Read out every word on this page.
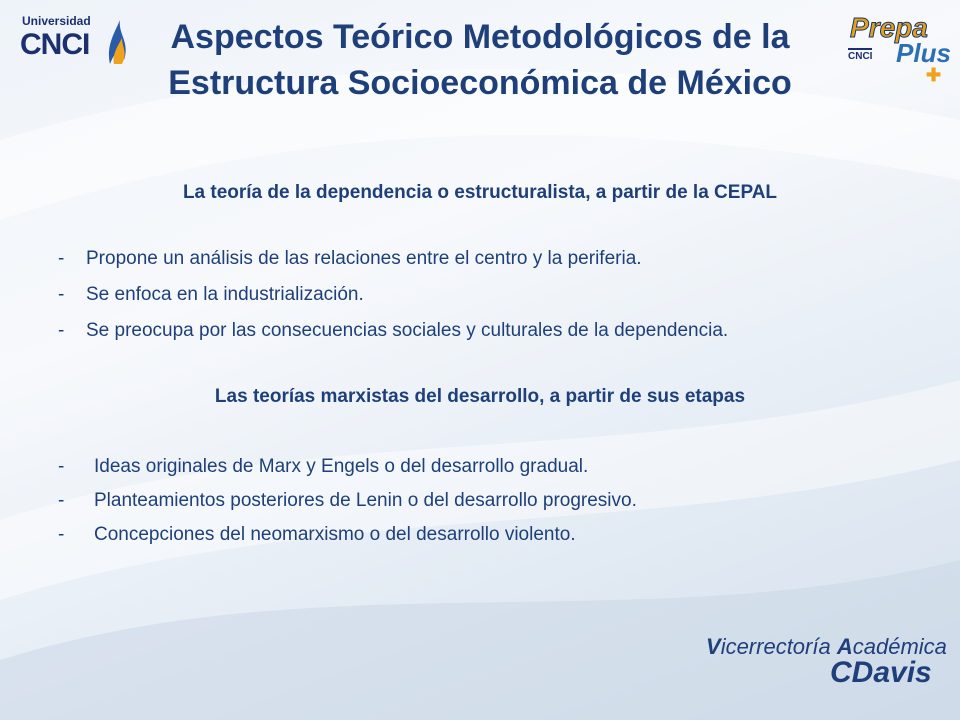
Universidad
CNCI
Prepa
CNCI Plus
✚
Aspectos Teórico Metodológicos de la Estructura Socioeconómica de México

La teoría de la dependencia o estructuralista, a partir de la CEPAL

- Propone un análisis de las relaciones entre el centro y la periferia.

- Se enfoca en la industrialización.

- Se preocupa por las consecuencias sociales y culturales de la dependencia.

Las teorías marxistas del desarrollo, a partir de sus etapas

- Ideas originales de Marx y Engels o del desarrollo gradual.

- Planteamientos posteriores de Lenin o del desarrollo progresivo.

- Concepciones del neomarxismo o del desarrollo violento.

Vicerrectoría Académica
CDavis
